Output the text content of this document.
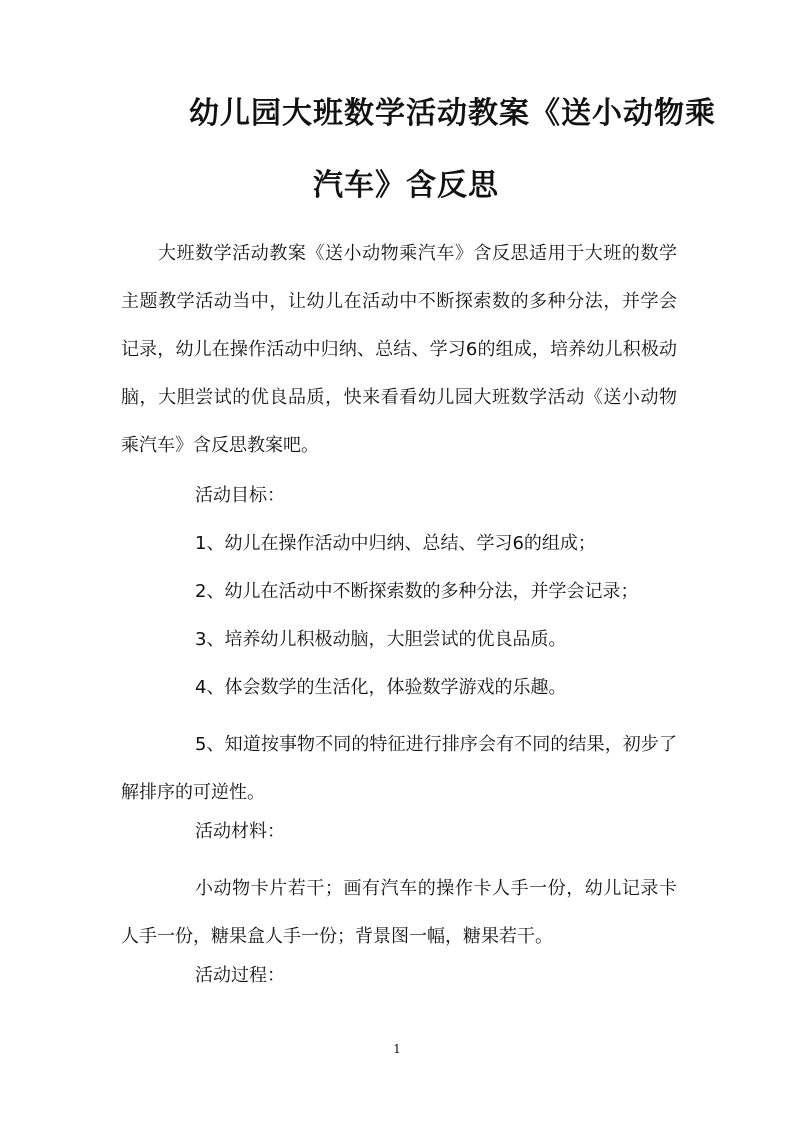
幼儿园大班数学活动教案《送小动物乘
汽车》含反思
大班数学活动教案《送小动物乘汽车》含反思适用于大班的数学主题教学活动当中，让幼儿在活动中不断探索数的多种分法，并学会记录，幼儿在操作活动中归纳、总结、学习6的组成，培养幼儿积极动脑，大胆尝试的优良品质，快来看看幼儿园大班数学活动《送小动物乘汽车》含反思教案吧。
活动目标：
1、幼儿在操作活动中归纳、总结、学习6的组成；
2、幼儿在活动中不断探索数的多种分法，并学会记录；
3、培养幼儿积极动脑，大胆尝试的优良品质。
4、体会数学的生活化，体验数学游戏的乐趣。
5、知道按事物不同的特征进行排序会有不同的结果，初步了解排序的可逆性。
活动材料：
小动物卡片若干；画有汽车的操作卡人手一份，幼儿记录卡人手一份，糖果盒人手一份；背景图一幅，糖果若干。
活动过程：
1
